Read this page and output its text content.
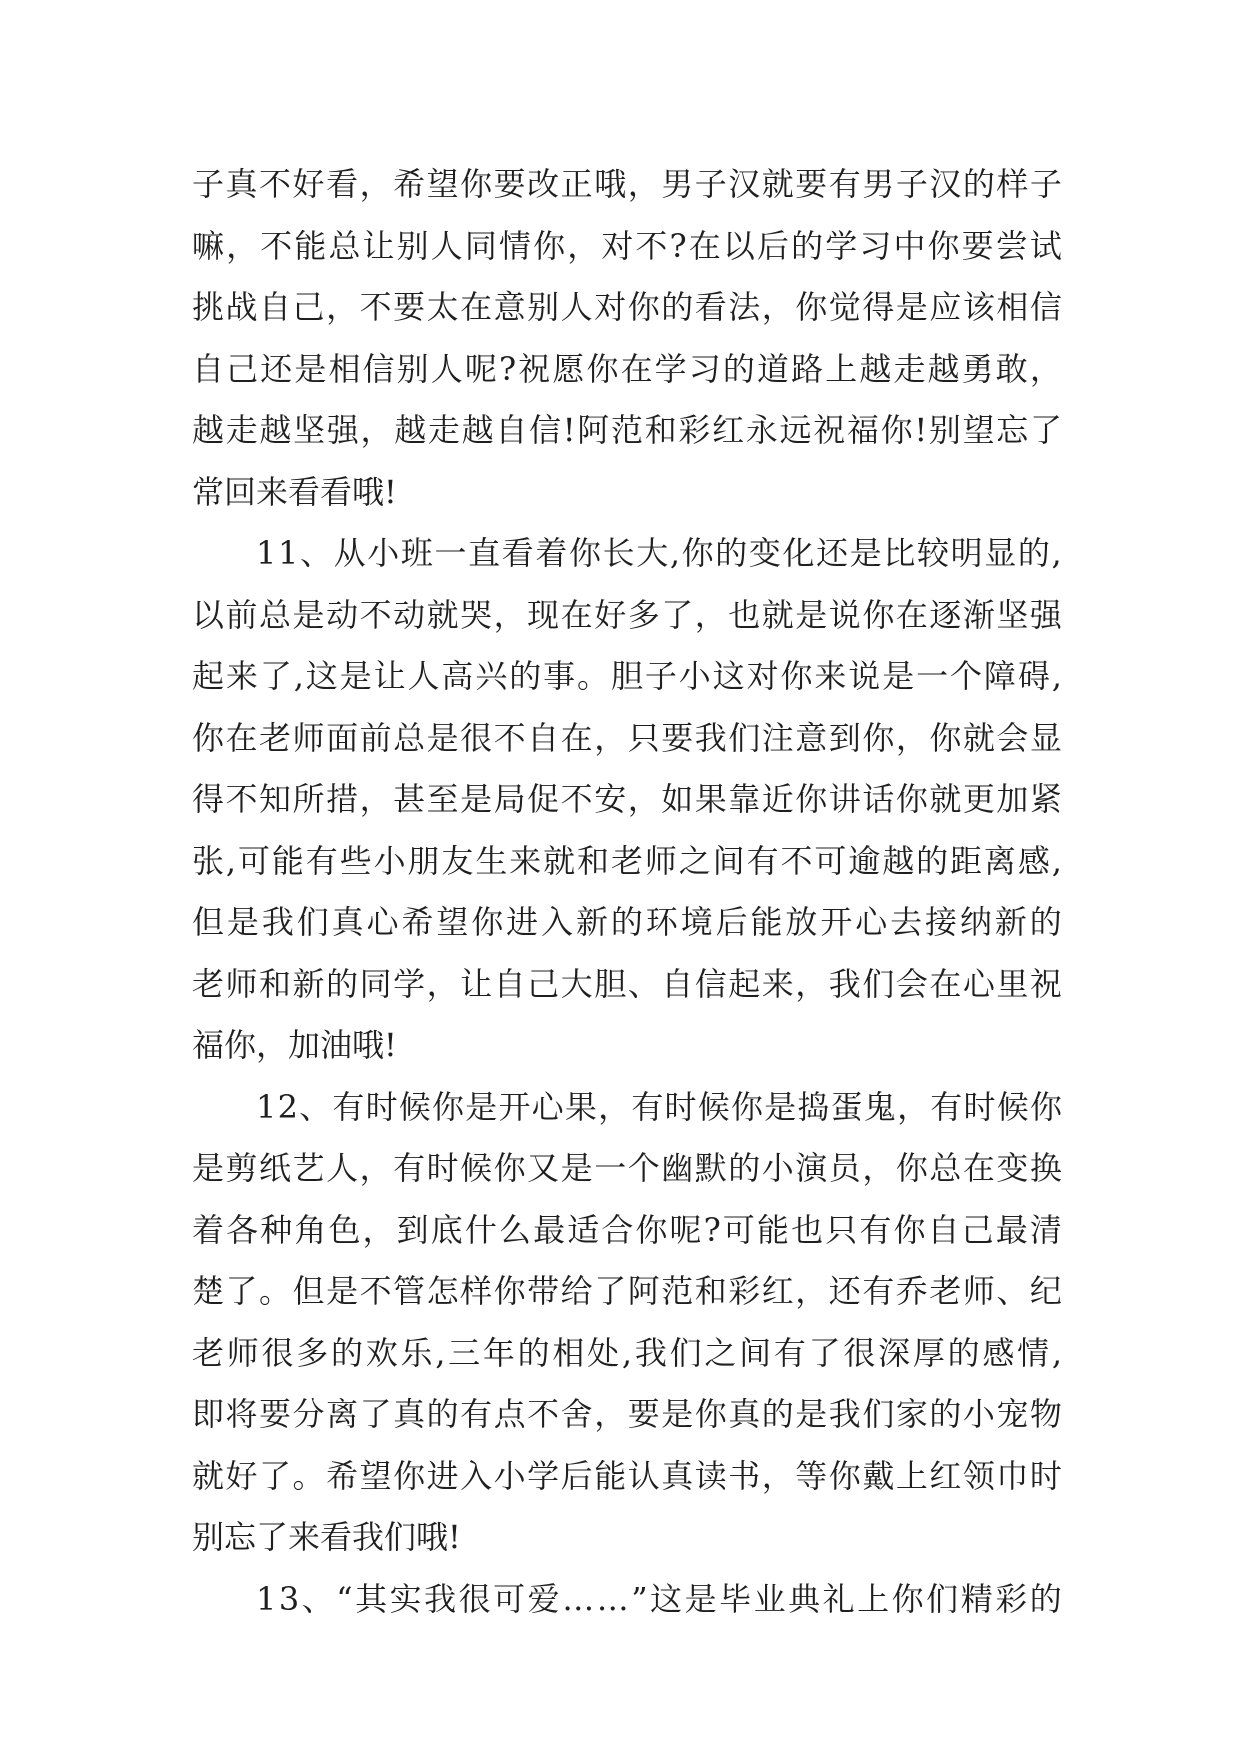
子 真 不 好 看 ， 希 望 你 要 改 正 哦 ， 男 子 汉 就 要 有 男 子 汉 的 样 子
嘛 ， 不 能 总 让 别 人 同 情 你 ， 对 不 ? 在 以 后 的 学 习 中 你 要 尝 试
挑 战 自 己 ， 不 要 太 在 意 别 人 对 你 的 看 法 ， 你 觉 得 是 应 该 相 信
自 己 还 是 相 信 别 人 呢 ? 祝 愿 你 在 学 习 的 道 路 上 越 走 越 勇 敢 ，
越 走 越 坚 强 ， 越 走 越 自 信 ! 阿 范 和 彩 红 永 远 祝 福 你 ! 别 望 忘 了
常回来看看哦!
1 1 、 从 小 班 一 直 看 着 你 长 大 , 你 的 变 化 还 是 比 较 明 显 的 ,
以 前 总 是 动 不 动 就 哭 ， 现 在 好 多 了 ， 也 就 是 说 你 在 逐 渐 坚 强
起 来 了 , 这 是 让 人 高 兴 的 事 。 胆 子 小 这 对 你 来 说 是 一 个 障 碍 ,
你 在 老 师 面 前 总 是 很 不 自 在 ， 只 要 我 们 注 意 到 你 ， 你 就 会 显
得 不 知 所 措 ， 甚 至 是 局 促 不 安 ， 如 果 靠 近 你 讲 话 你 就 更 加 紧
张 , 可 能 有 些 小 朋 友 生 来 就 和 老 师 之 间 有 不 可 逾 越 的 距 离 感 ,
但 是 我 们 真 心 希 望 你 进 入 新 的 环 境 后 能 放 开 心 去 接 纳 新 的
老 师 和 新 的 同 学 ， 让 自 己 大 胆 、 自 信 起 来 ， 我 们 会 在 心 里 祝
福你，加油哦!
1 2 、 有 时 候 你 是 开 心 果 ， 有 时 候 你 是 捣 蛋 鬼 ， 有 时 候 你
是 剪 纸 艺 人 ， 有 时 候 你 又 是 一 个 幽 默 的 小 演 员 ， 你 总 在 变 换
着 各 种 角 色 ， 到 底 什 么 最 适 合 你 呢 ? 可 能 也 只 有 你 自 己 最 清
楚 了 。 但 是 不 管 怎 样 你 带 给 了 阿 范 和 彩 红 ， 还 有 乔 老 师 、 纪
老 师 很 多 的 欢 乐 , 三 年 的 相 处 , 我 们 之 间 有 了 很 深 厚 的 感 情 ,
即 将 要 分 离 了 真 的 有 点 不 舍 ， 要 是 你 真 的 是 我 们 家 的 小 宠 物
就 好 了 。 希 望 你 进 入 小 学 后 能 认 真 读 书 ， 等 你 戴 上 红 领 巾 时
别忘了来看我们哦!
1 3 、 “ 其 实 我 很 可 爱 … … ” 这 是 毕 业 典 礼 上 你 们 精 彩 的
